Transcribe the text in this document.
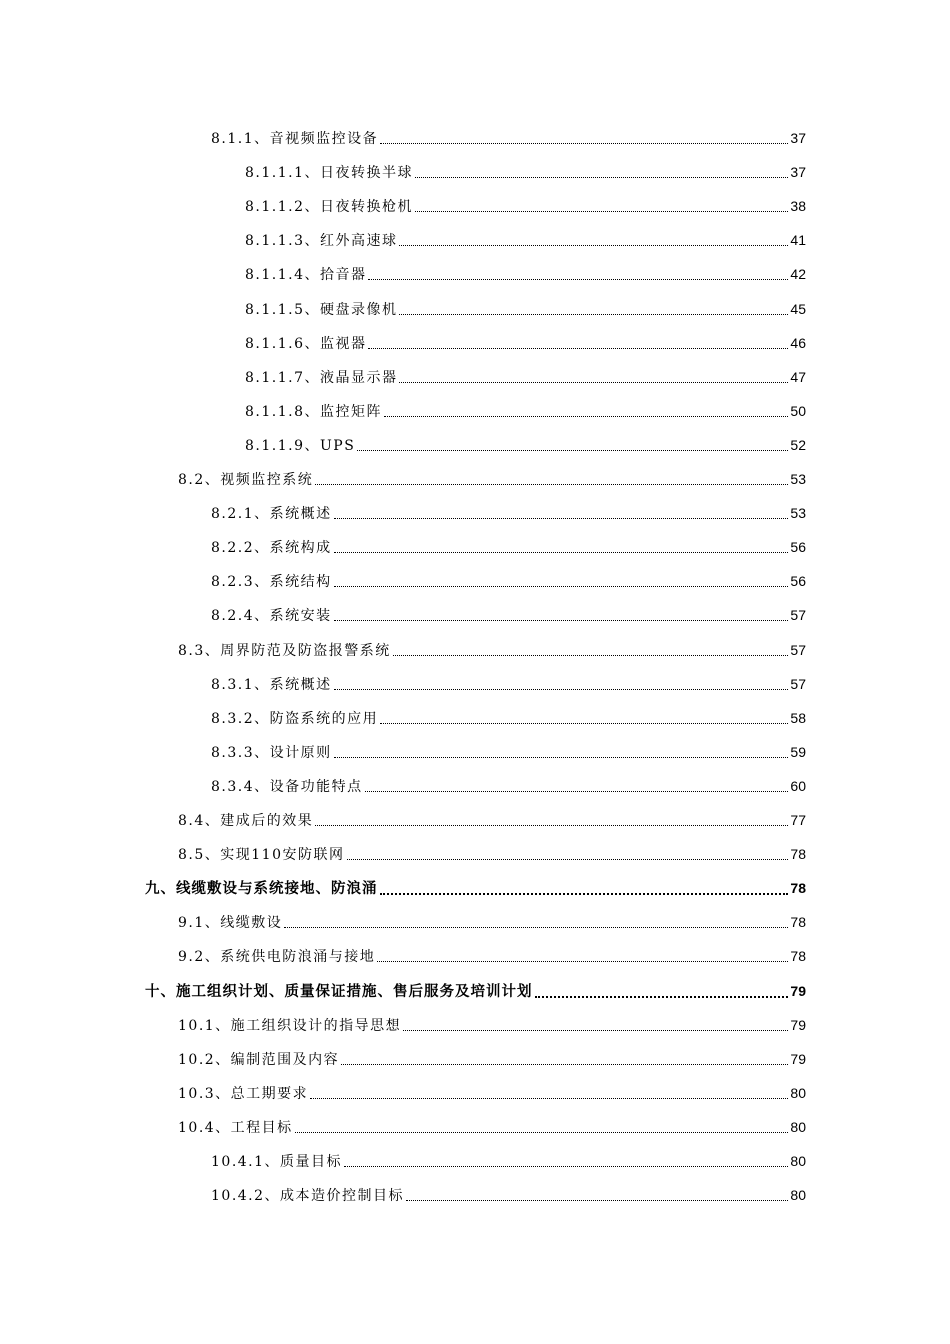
8.1.1、音视频监控设备	37
8.1.1.1、日夜转换半球	37
8.1.1.2、日夜转换枪机	38
8.1.1.3、红外高速球	41
8.1.1.4、拾音器	42
8.1.1.5、硬盘录像机	45
8.1.1.6、监视器	46
8.1.1.7、液晶显示器	47
8.1.1.8、监控矩阵	50
8.1.1.9、UPS	52
8.2、视频监控系统	53
8.2.1、系统概述	53
8.2.2、系统构成	56
8.2.3、系统结构	56
8.2.4、系统安装	57
8.3、周界防范及防盗报警系统	57
8.3.1、系统概述	57
8.3.2、防盗系统的应用	58
8.3.3、设计原则	59
8.3.4、设备功能特点	60
8.4、建成后的效果	77
8.5、实现110安防联网	78
九、线缆敷设与系统接地、防浪涌	78
9.1、线缆敷设	78
9.2、系统供电防浪涌与接地	78
十、施工组织计划、质量保证措施、售后服务及培训计划	79
10.1、施工组织设计的指导思想	79
10.2、编制范围及内容	79
10.3、总工期要求	80
10.4、工程目标	80
10.4.1、质量目标	80
10.4.2、成本造价控制目标	80
